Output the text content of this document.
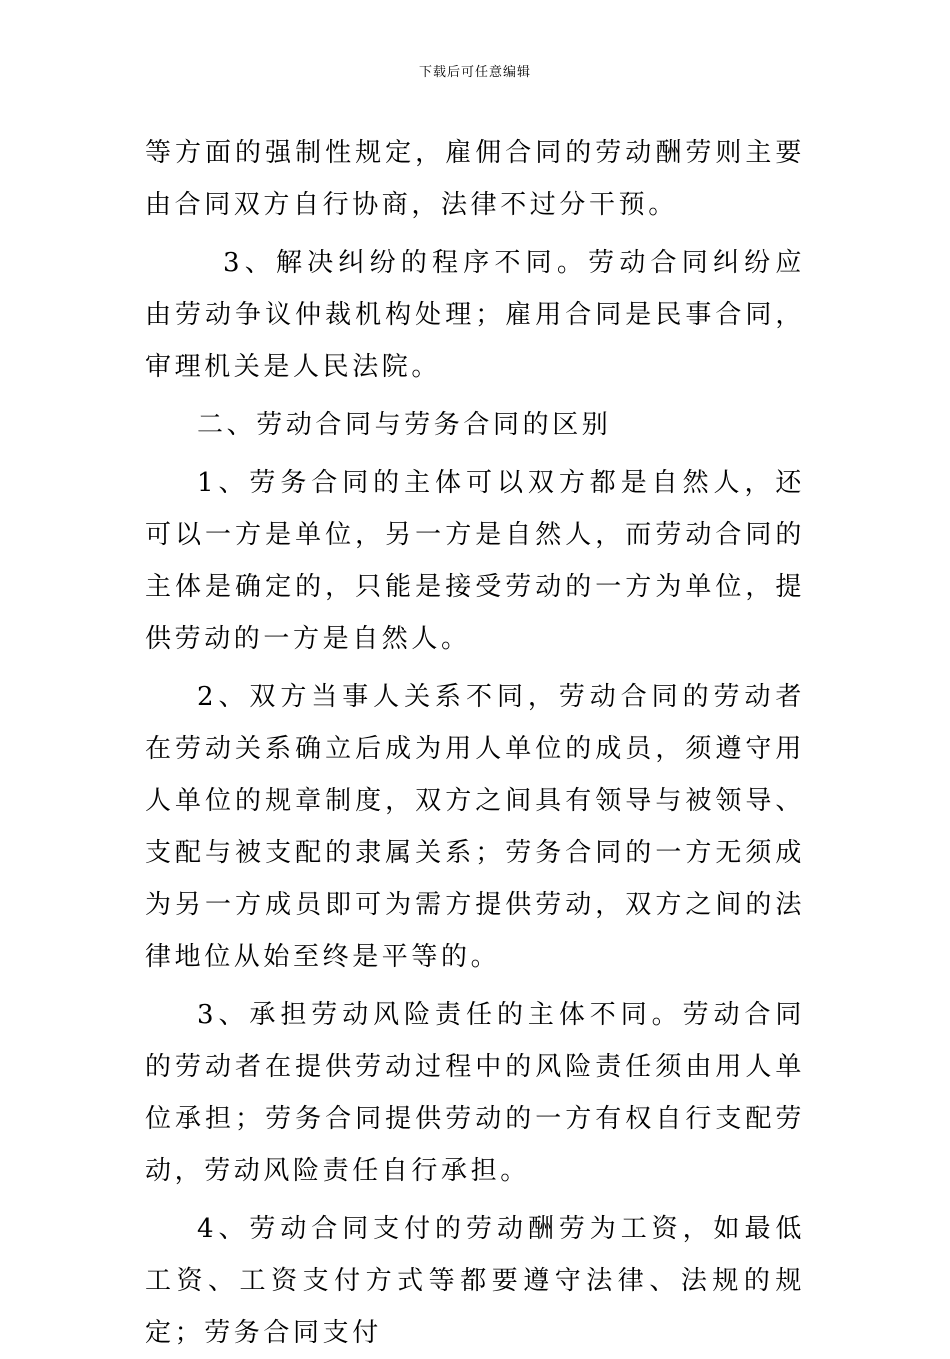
下载后可任意编辑

等方面的强制性规定，雇佣合同的劳动酬劳则主要由合同双方自行协商，法律不过分干预。

3、解决纠纷的程序不同。劳动合同纠纷应由劳动争议仲裁机构处理；雇用合同是民事合同，审理机关是人民法院。

二、劳动合同与劳务合同的区别

1、劳务合同的主体可以双方都是自然人，还可以一方是单位，另一方是自然人，而劳动合同的主体是确定的，只能是接受劳动的一方为单位，提供劳动的一方是自然人。

2、双方当事人关系不同，劳动合同的劳动者在劳动关系确立后成为用人单位的成员，须遵守用人单位的规章制度，双方之间具有领导与被领导、支配与被支配的隶属关系；劳务合同的一方无须成为另一方成员即可为需方提供劳动，双方之间的法律地位从始至终是平等的。

3、承担劳动风险责任的主体不同。劳动合同的劳动者在提供劳动过程中的风险责任须由用人单位承担；劳务合同提供劳动的一方有权自行支配劳动，劳动风险责任自行承担。

4、劳动合同支付的劳动酬劳为工资，如最低工资、工资支付方式等都要遵守法律、法规的规定；劳务合同支付
